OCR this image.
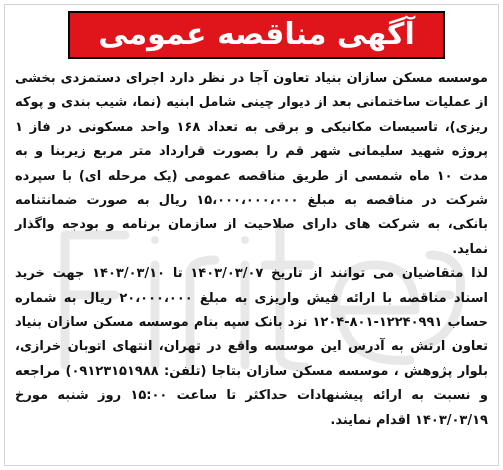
آگهی مناقصه عمومی

موسسه مسکن سازان بنیاد تعاون آجا در نظر دارد اجرای دستمزدی بخشی از عملیات ساختمانی بعد از دیوار چینی شامل ابنیه (نما، شیب بندی و پوکه ریزی)، تاسیسات مکانیکی و برقی به تعداد ۱۶۸ واحد مسکونی در فاز ۱ پروژه شهید سلیمانی شهر قم را بصورت قرارداد متر مربع زیربنا و به مدت ۱۰ ماه شمسی از طریق مناقصه عمومی (یک مرحله ای) با سپرده شرکت در مناقصه به مبلغ ۱۵،۰۰۰،۰۰۰،۰۰۰ ریال به صورت ضمانتنامه بانکی، به شرکت های دارای صلاحیت از سازمان برنامه و بودجه واگذار نماید.

لذا متقاضیان می توانند از تاریخ ۱۴۰۳/۰۳/۰۷ تا ۱۴۰۳/۰۳/۱۰ جهت خرید اسناد مناقصه با ارائه فیش واریزی به مبلغ ۲۰،۰۰۰،۰۰۰ ریال به شماره حساب ۱۲۲۴۰۹۹۱-۸۰۱-۱۲۰۴ نزد بانک سپه بنام موسسه مسکن سازان بنیاد تعاون ارتش به آدرس این موسسه واقع در تهران، انتهای اتوبان خرازی، بلوار پژوهش ، موسسه مسکن سازان بتاجا (تلفن: ۰۹۱۲۳۱۵۱۹۸۸) مراجعه و نسبت به ارائه پیشنهادات حداکثر تا ساعت ۱۵:۰۰ روز شنبه مورخ ۱۴۰۳/۰۳/۱۹ اقدام نمایند.
